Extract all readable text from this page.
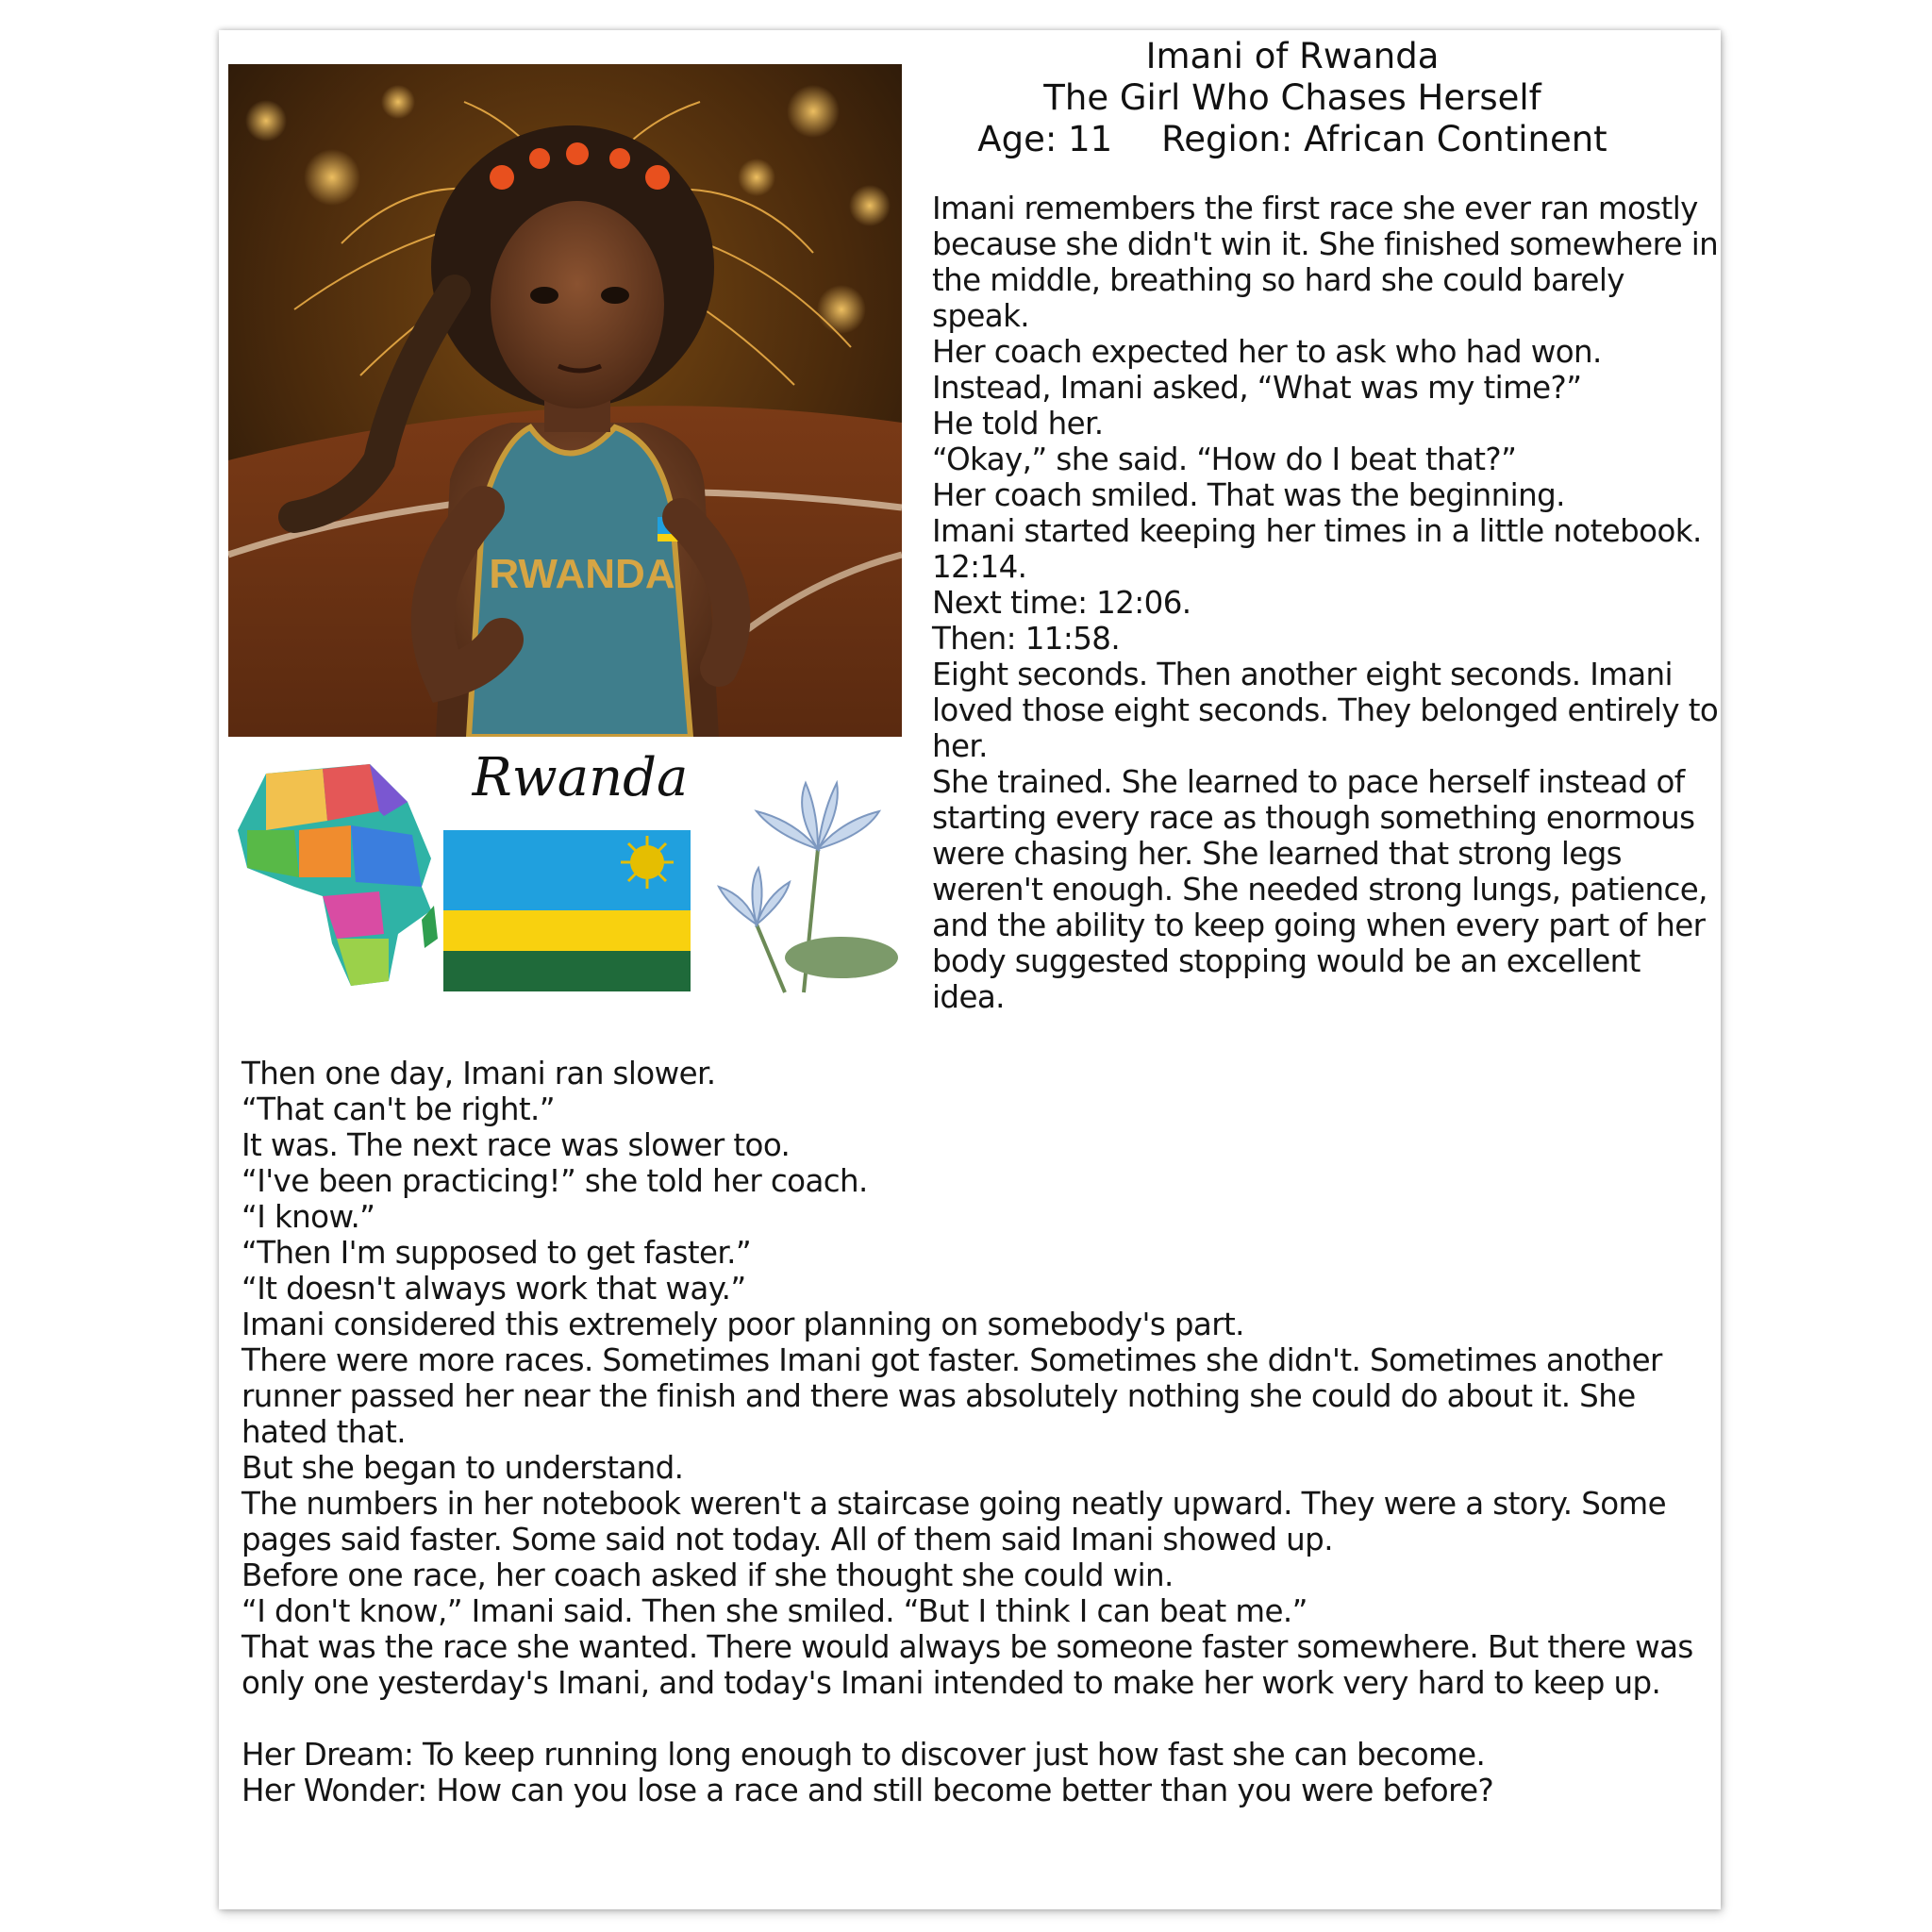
RWANDA
Rwanda
Imani of Rwanda
The Girl Who Chases Herself
Age: 11 Region: African Continent

Imani remembers the first race she ever ran mostly because she didn't win it. She finished somewhere in the middle, breathing so hard she could barely speak.

Her coach expected her to ask who had won.

Instead, Imani asked, “What was my time?”

He told her.

“Okay,” she said. “How do I beat that?”

Her coach smiled. That was the beginning.

Imani started keeping her times in a little notebook.

12:14.

Next time: 12:06.

Then: 11:58.

Eight seconds. Then another eight seconds. Imani loved those eight seconds. They belonged entirely to her.

She trained. She learned to pace herself instead of starting every race as though something enormous were chasing her. She learned that strong legs weren't enough. She needed strong lungs, patience, and the ability to keep going when every part of her body suggested stopping would be an excellent idea.

Then one day, Imani ran slower.

“That can't be right.”

It was. The next race was slower too.

“I've been practicing!” she told her coach.

“I know.”

“Then I'm supposed to get faster.”

“It doesn't always work that way.”

Imani considered this extremely poor planning on somebody's part.

There were more races. Sometimes Imani got faster. Sometimes she didn't. Sometimes another runner passed her near the finish and there was absolutely nothing she could do about it. She hated that.

But she began to understand.

The numbers in her notebook weren't a staircase going neatly upward. They were a story. Some pages said faster. Some said not today. All of them said Imani showed up.

Before one race, her coach asked if she thought she could win.

“I don't know,” Imani said. Then she smiled. “But I think I can beat me.”

That was the race she wanted. There would always be someone faster somewhere. But there was only one yesterday's Imani, and today's Imani intended to make her work very hard to keep up.

Her Dream: To keep running long enough to discover just how fast she can become.

Her Wonder: How can you lose a race and still become better than you were before?
